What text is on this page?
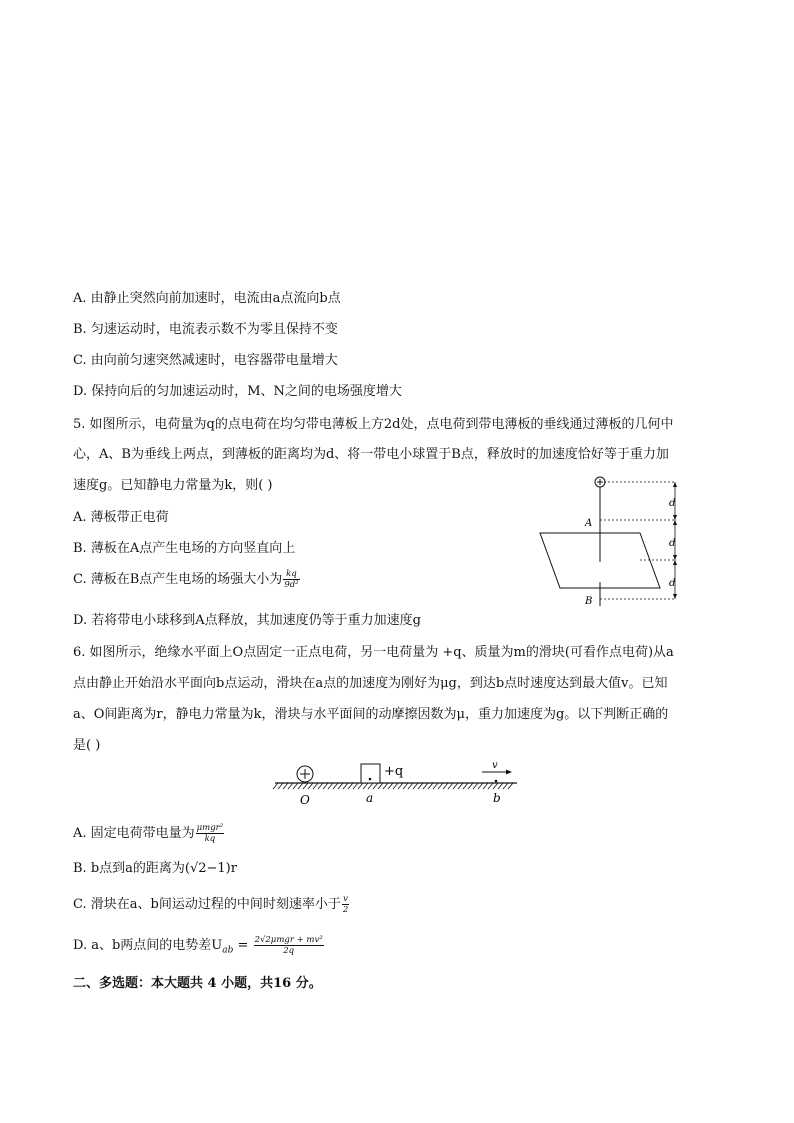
A. 由静止突然向前加速时，电流由a点流向b点
B. 匀速运动时，电流表示数不为零且保持不变
C. 由向前匀速突然减速时，电容器带电量增大
D. 保持向后的匀加速运动时，M、N之间的电场强度增大
5. 如图所示，电荷量为q的点电荷在均匀带电薄板上方2d处，点电荷到带电薄板的垂线通过薄板的几何中
心，A、B为垂线上两点，到薄板的距离均为d、将一带电小球置于B点，释放时的加速度恰好等于重力加
速度g。已知静电力常量为k，则( )
A. 薄板带正电荷
B. 薄板在A点产生电场的方向竖直向上
C. 薄板在B点产生电场的场强大小为 $\frac{kq}{\text{9d²}}$
D. 若将带电小球移到A点释放，其加速度仍等于重力加速度g
d
d
d
A
B
6. 如图所示，绝缘水平面上O点固定一正点电荷，另一电荷量为 +q、质量为m的滑块(可看作点电荷)从a
点由静止开始沿水平面向b点运动，滑块在a点的加速度为刚好为μg，到达b点时速度达到最大值v。已知
a、O间距离为r，静电力常量为k，滑块与水平面间的动摩擦因数为μ，重力加速度为g。以下判断正确的
是( )
+q	v
O	a	b
A. 固定电荷带电量为 $\frac{\text{μmgr²}}{kq}$
B. b点到a的距离为(√2−1)r
C. 滑块在a、b间运动过程的中间时刻速率小于 $\frac{v}{2}$
D. a、b两点间的电势差$U_{ab} = \frac{\text{2√2μmgr + mv²}}{2q}$
二、多选题：本大题共 4 小题，共16 分。
